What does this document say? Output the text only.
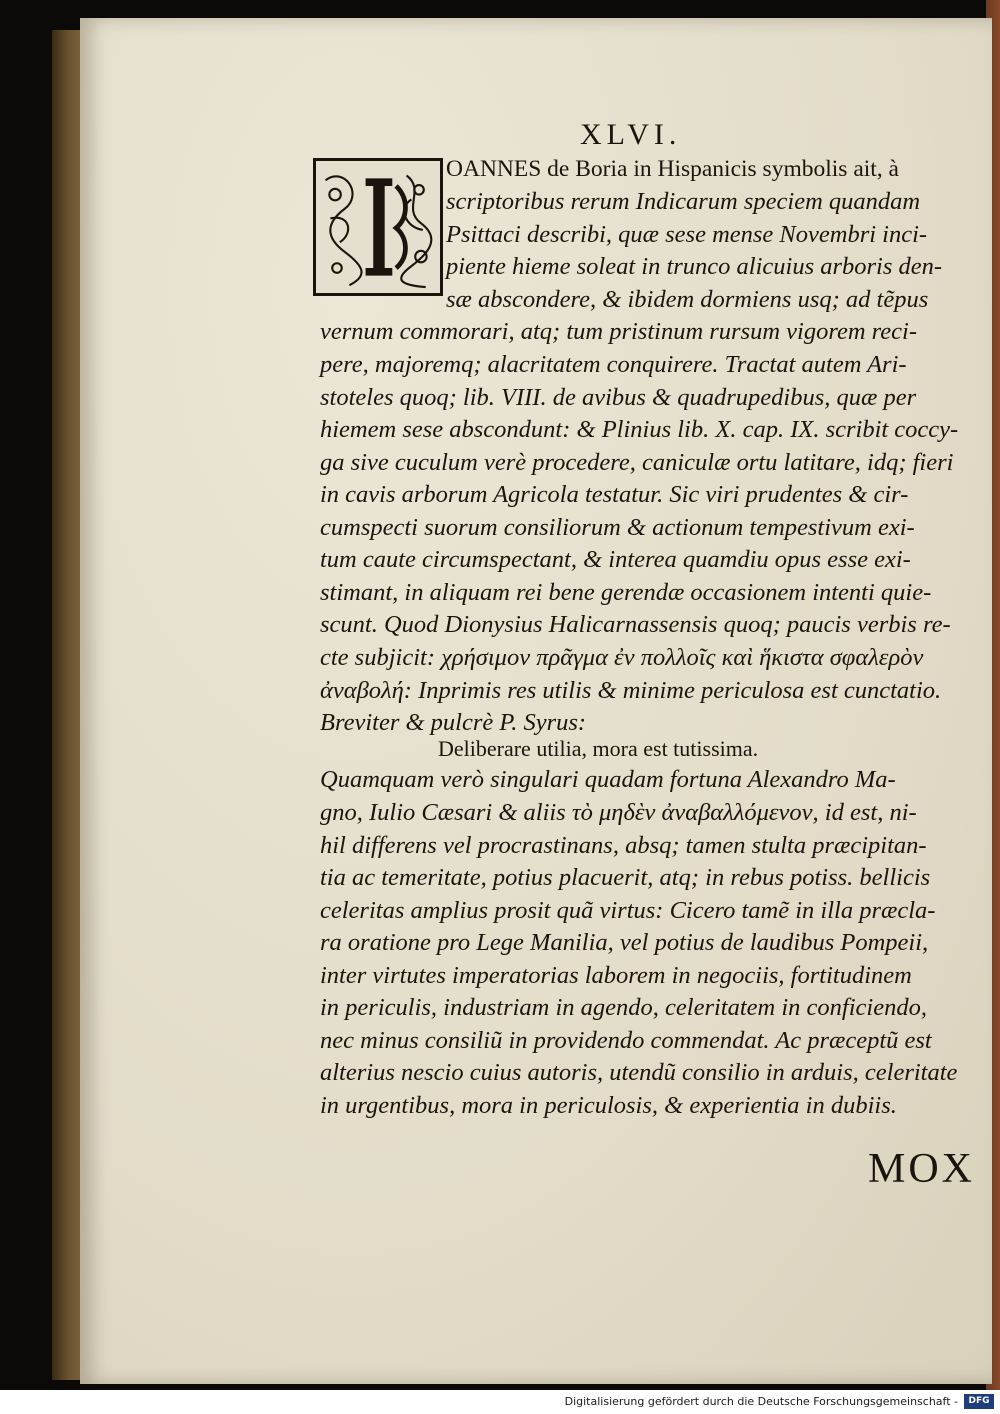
XLVI.
OANNES de Boria in Hispanicis symbolis ait, à
scriptoribus rerum Indicarum speciem quandam
Psittaci describi, quæ sese mense Novembri inci-
piente hieme soleat in trunco alicuius arboris den-
sæ abscondere, & ibidem dormiens usq; ad tẽpus
vernum commorari, atq; tum pristinum rursum vigorem reci-
pere, majoremq; alacritatem conquirere. Tractat autem Ari-
stoteles quoq; lib. VIII. de avibus & quadrupedibus, quæ per
hiemem sese abscondunt: & Plinius lib. X. cap. IX. scribit coccy-
ga sive cuculum verè procedere, caniculæ ortu latitare, idq; fieri
in cavis arborum Agricola testatur. Sic viri prudentes & cir-
cumspecti suorum consiliorum & actionum tempestivum exi-
tum caute circumspectant, & interea quamdiu opus esse exi-
stimant, in aliquam rei bene gerendæ occasionem intenti quie-
scunt. Quod Dionysius Halicarnassensis quoq; paucis verbis re-
cte subjicit: χρήσιμον πρᾶγμα ἐν πολλοῖς καὶ ἥκιστα σφαλερὸν
ἀναβολή: Inprimis res utilis & minime periculosa est cunctatio.
Breviter & pulcrè P. Syrus:
Deliberare utilia, mora est tutissima.
Quamquam verò singulari quadam fortuna Alexandro Ma-
gno, Iulio Cæsari & aliis τὸ μηδὲν ἀναβαλλόμενον, id est, ni-
hil differens vel procrastinans, absq; tamen stulta præcipitan-
tia ac temeritate, potius placuerit, atq; in rebus potiss. bellicis
celeritas amplius prosit quã virtus: Cicero tamẽ in illa præcla-
ra oratione pro Lege Manilia, vel potius de laudibus Pompeii,
inter virtutes imperatorias laborem in negociis, fortitudinem
in periculis, industriam in agendo, celeritatem in conficiendo,
nec minus consiliũ in providendo commendat. Ac præceptũ est
alterius nescio cuius autoris, utendũ consilio in arduis, celeritate
in urgentibus, mora in periculosis, & experientia in dubiis.
MOX
Digitalisierung gefördert durch die Deutsche Forschungsgemeinschaft -	DFG
